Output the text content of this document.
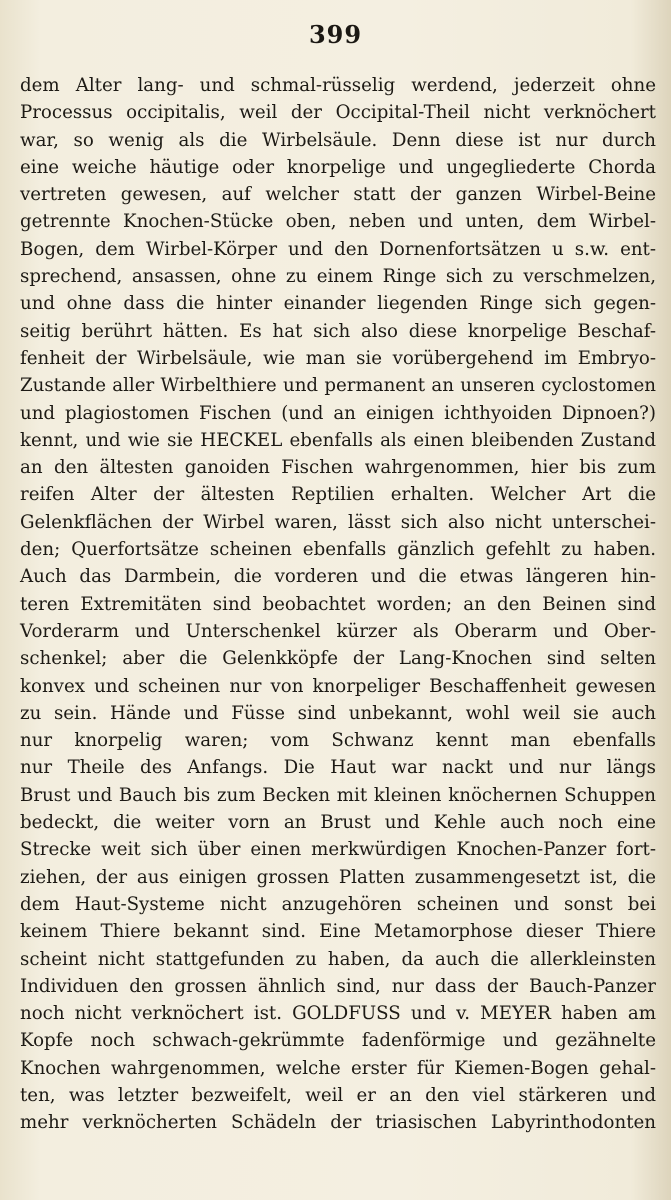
399
dem Alter lang- und schmal-rüsselig werdend, jederzeit ohne
Processus occipitalis, weil der Occipital-Theil nicht verknöchert
war, so wenig als die Wirbelsäule. Denn diese ist nur durch
eine weiche häutige oder knorpelige und ungegliederte Chorda
vertreten gewesen, auf welcher statt der ganzen Wirbel-Beine
getrennte Knochen-Stücke oben, neben und unten, dem Wirbel-
Bogen, dem Wirbel-Körper und den Dornenfortsätzen u s.w. ent-
sprechend, ansassen, ohne zu einem Ringe sich zu verschmelzen,
und ohne dass die hinter einander liegenden Ringe sich gegen-
seitig berührt hätten. Es hat sich also diese knorpelige Beschaf-
fenheit der Wirbelsäule, wie man sie vorübergehend im Embryo-
Zustande aller Wirbelthiere und permanent an unseren cyclostomen
und plagiostomen Fischen (und an einigen ichthyoiden Dipnoen?)
kennt, und wie sie HECKEL ebenfalls als einen bleibenden Zustand
an den ältesten ganoiden Fischen wahrgenommen, hier bis zum
reifen Alter der ältesten Reptilien erhalten. Welcher Art die
Gelenkflächen der Wirbel waren, lässt sich also nicht unterschei-
den; Querfortsätze scheinen ebenfalls gänzlich gefehlt zu haben.
Auch das Darmbein, die vorderen und die etwas längeren hin-
teren Extremitäten sind beobachtet worden; an den Beinen sind
Vorderarm und Unterschenkel kürzer als Oberarm und Ober-
schenkel; aber die Gelenkköpfe der Lang-Knochen sind selten
konvex und scheinen nur von knorpeliger Beschaffenheit gewesen
zu sein. Hände und Füsse sind unbekannt, wohl weil sie auch
nur knorpelig waren; vom Schwanz kennt man ebenfalls
nur Theile des Anfangs. Die Haut war nackt und nur längs
Brust und Bauch bis zum Becken mit kleinen knöchernen Schuppen
bedeckt, die weiter vorn an Brust und Kehle auch noch eine
Strecke weit sich über einen merkwürdigen Knochen-Panzer fort-
ziehen, der aus einigen grossen Platten zusammengesetzt ist, die
dem Haut-Systeme nicht anzugehören scheinen und sonst bei
keinem Thiere bekannt sind. Eine Metamorphose dieser Thiere
scheint nicht stattgefunden zu haben, da auch die allerkleinsten
Individuen den grossen ähnlich sind, nur dass der Bauch-Panzer
noch nicht verknöchert ist. GOLDFUSS und v. MEYER haben am
Kopfe noch schwach-gekrümmte fadenförmige und gezähnelte
Knochen wahrgenommen, welche erster für Kiemen-Bogen gehal-
ten, was letzter bezweifelt, weil er an den viel stärkeren und
mehr verknöcherten Schädeln der triasischen Labyrinthodonten
